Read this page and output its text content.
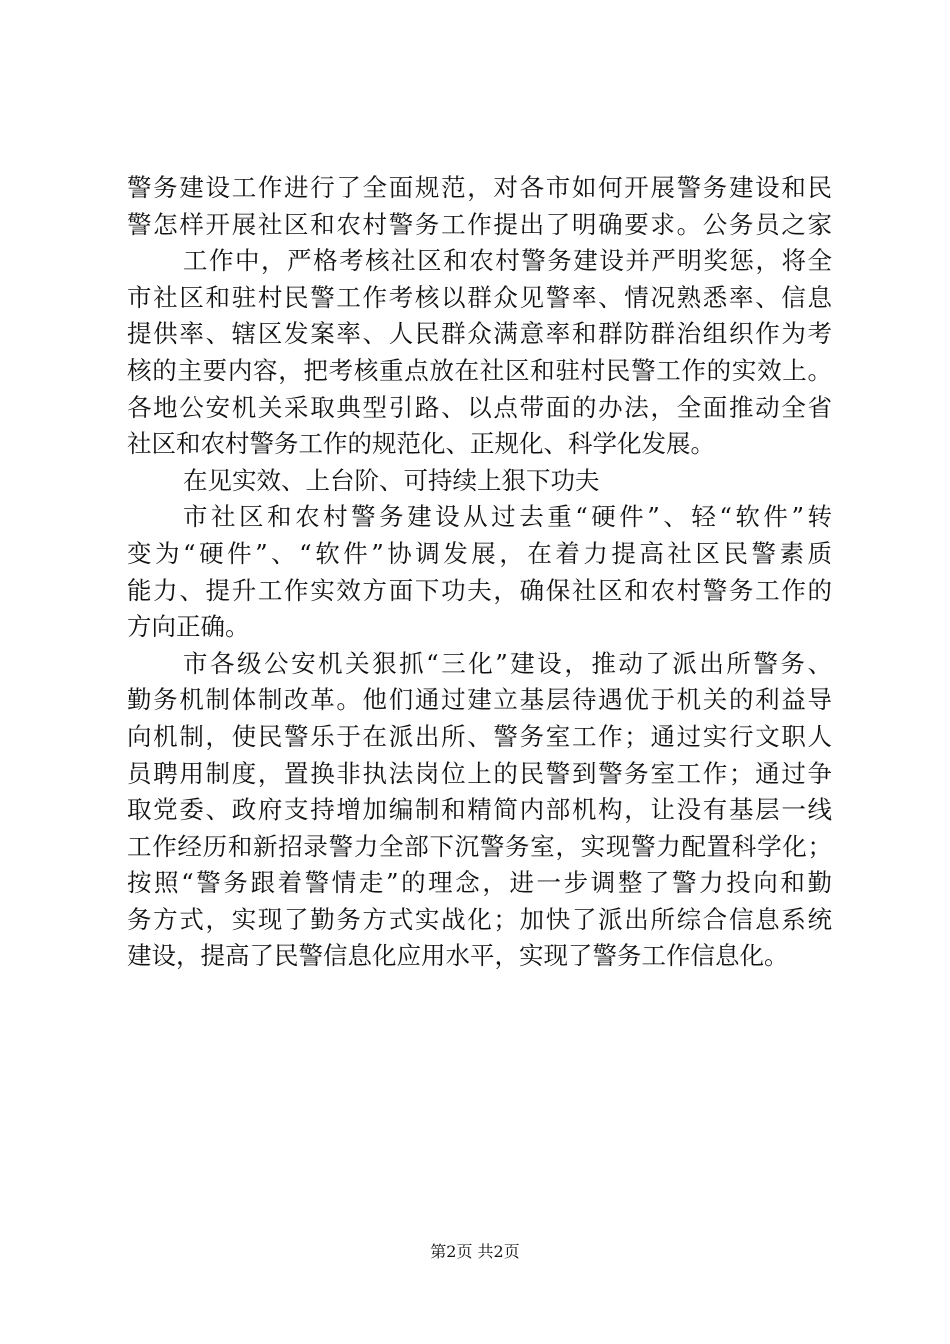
警务建设工作进行了全面规范，对各市如何开展警务建设和民
警怎样开展社区和农村警务工作提出了明确要求。公务员之家
工作中，严格考核社区和农村警务建设并严明奖惩，将全
市社区和驻村民警工作考核以群众见警率、情况熟悉率、信息
提供率、辖区发案率、人民群众满意率和群防群治组织作为考
核的主要内容，把考核重点放在社区和驻村民警工作的实效上。
各地公安机关采取典型引路、以点带面的办法，全面推动全省
社区和农村警务工作的规范化、正规化、科学化发展。
在见实效、上台阶、可持续上狠下功夫
市社区和农村警务建设从过去重“硬件”、轻“软件”转
变为“硬件”、“软件”协调发展，在着力提高社区民警素质
能力、提升工作实效方面下功夫，确保社区和农村警务工作的
方向正确。
市各级公安机关狠抓“三化”建设，推动了派出所警务、
勤务机制体制改革。他们通过建立基层待遇优于机关的利益导
向机制，使民警乐于在派出所、警务室工作；通过实行文职人
员聘用制度，置换非执法岗位上的民警到警务室工作；通过争
取党委、政府支持增加编制和精简内部机构，让没有基层一线
工作经历和新招录警力全部下沉警务室，实现警力配置科学化；
按照“警务跟着警情走”的理念，进一步调整了警力投向和勤
务方式，实现了勤务方式实战化；加快了派出所综合信息系统
建设，提高了民警信息化应用水平，实现了警务工作信息化。
第2页 共2页
